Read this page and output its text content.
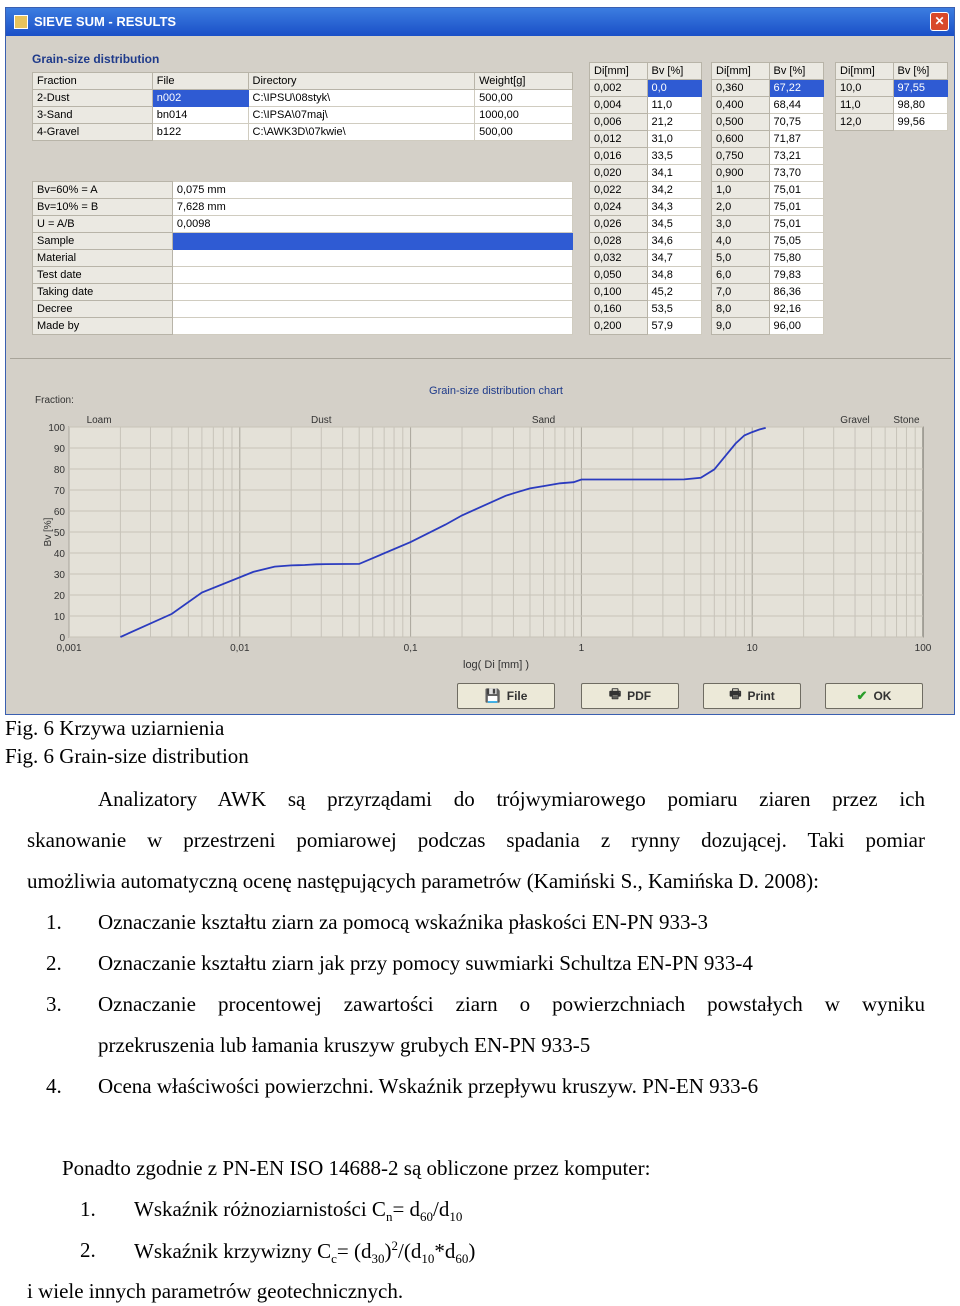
SIEVE SUM - RESULTS	✕
Grain-size distribution
Fraction	File	Directory	Weight[g]
2-Dust	n002	C:\IPSU\08styk\	500,00
3-Sand	bn014	C:\IPSA\07maj\	1000,00
4-Gravel	b122	C:\AWK3D\07kwie\	500,00
Bv=60% = A	0,075 mm
Bv=10% = B	7,628 mm
U = A/B	0,0098
Sample	
Material	
Test date	
Taking date	
Decree	
Made by	
Di[mm]	Bv [%]
0,002	0,0
0,004	11,0
0,006	21,2
0,012	31,0
0,016	33,5
0,020	34,1
0,022	34,2
0,024	34,3
0,026	34,5
0,028	34,6
0,032	34,7
0,050	34,8
0,100	45,2
0,160	53,5
0,200	57,9
Di[mm]	Bv [%]
0,360	67,22
0,400	68,44
0,500	70,75
0,600	71,87
0,750	73,21
0,900	73,70
1,0	75,01
2,0	75,01
3,0	75,01
4,0	75,05
5,0	75,80
6,0	79,83
7,0	86,36
8,0	92,16
9,0	96,00
Di[mm]	Bv [%]
10,0	97,55
11,0	98,80
12,0	99,56
0
10
20
30
40
50
60
70
80
90
100
0,001	0,01	0,1	1	10	100
Loam	Dust	Sand	Gravel Stone
Grain-size distribution chart
Fraction:
log( Di [mm] )
Bv [%]
💾 File	🖶 PDF	🖶 Print	✔ OK
Fig. 6 Krzywa uziarnienia
Fig. 6 Grain-size distribution
Analizatory AWK są przyrządami do trójwymiarowego pomiaru ziaren przez ich
skanowanie w przestrzeni pomiarowej podczas spadania z rynny dozującej. Taki pomiar
umożliwia automatyczną ocenę następujących parametrów (Kamiński S., Kamińska D. 2008):
1. Oznaczanie kształtu ziarn za pomocą wskaźnika płaskości EN-PN 933-3
2. Oznaczanie kształtu ziarn jak przy pomocy suwmiarki Schultza EN-PN 933-4
3. Oznaczanie procentowej zawartości ziarn o powierzchniach powstałych w wyniku
przekruszenia lub łamania kruszyw grubych EN-PN 933-5
4. Ocena właściwości powierzchni. Wskaźnik przepływu kruszyw. PN-EN 933-6
Ponadto zgodnie z PN-EN ISO 14688-2 są obliczone przez komputer:
1. Wskaźnik różnoziarnistości $C_n= d_{60}/d_{10}$
2. Wskaźnik krzywizny $C_c= (d_{30})^2/(d_{10}*d_{60})$
i wiele innych parametrów geotechnicznych.
